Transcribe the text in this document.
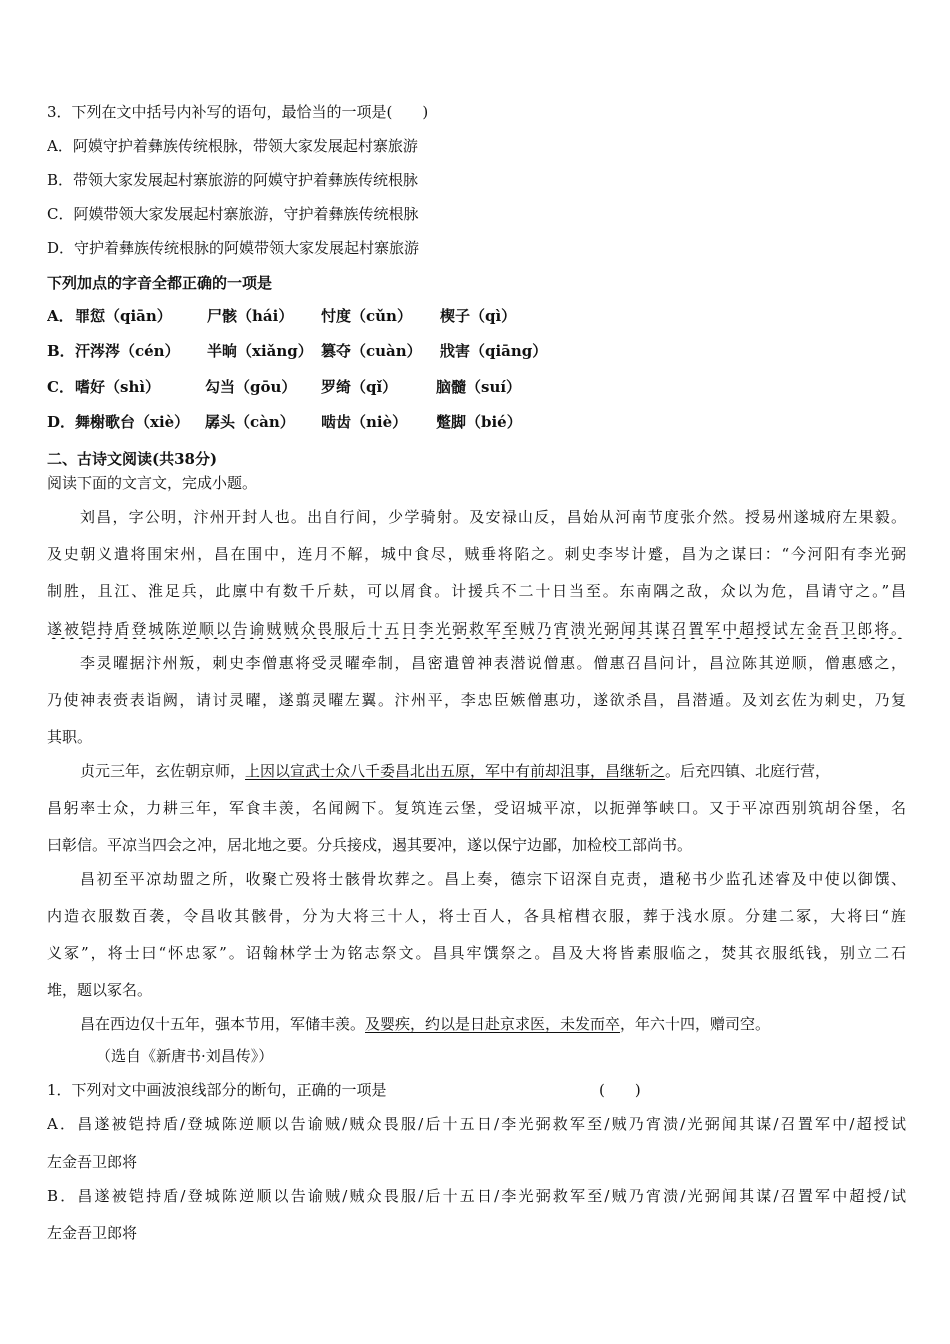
3．下列在文中括号内补写的语句，最恰当的一项是(　　)
A．阿嫫守护着彝族传统根脉，带领大家发展起村寨旅游
B．带领大家发展起村寨旅游的阿嫫守护着彝族传统根脉
C．阿嫫带领大家发展起村寨旅游，守护着彝族传统根脉
D．守护着彝族传统根脉的阿嫫带领大家发展起村寨旅游
下列加点的字音全都正确的一项是
A． 罪愆（qiān） 尸骸（hái） 忖度（cǔn） 楔子（qì）
B． 汗涔涔（cén） 半晌（xiǎng） 篡夺（cuàn） 戕害（qiāng）
C． 嗜好（shì）	勾当（gōu） 罗绮（qǐ）	脑髓（suí）
D． 舞榭歌台（xiè） 孱头（càn） 啮齿（niè） 蹩脚（bié）
二、古诗文阅读(共38分)
阅读下面的文言文，完成小题。
刘昌，字公明，汴州开封人也。出自行间，少学骑射。及安禄山反，昌始从河南节度张介然。授易州遂城府左果毅。
及史朝义遣将围宋州，昌在围中，连月不解，城中食尽，贼垂将陷之。刺史李岑计蹙，昌为之谋曰：“今河阳有李光弼
制胜，且江、淮足兵，此廪中有数千斤麸，可以屑食。计援兵不二十日当至。东南隅之敌，众以为危，昌请守之。”昌
遂被铠持盾登城陈逆顺以告谕贼贼众畏服后十五日李光弼救军至贼乃宵溃光弼闻其谋召置军中超授试左金吾卫郎将。
李灵曜据汴州叛，刺史李僧惠将受灵曜牵制，昌密遣曾神表潜说僧惠。僧惠召昌问计，昌泣陈其逆顺，僧惠感之，
乃使神表赍表诣阙，请讨灵曜，遂翦灵曜左翼。汴州平，李忠臣嫉僧惠功，遂欲杀昌，昌潜遁。及刘玄佐为刺史，乃复
其职。
贞元三年，玄佐朝京师，上因以宣武士众八千委昌北出五原，军中有前却沮事，昌继斩之。后充四镇、北庭行营，
昌躬率士众，力耕三年，军食丰羡，名闻阙下。复筑连云堡，受诏城平凉，以扼弹筝峡口。又于平凉西别筑胡谷堡，名
曰彰信。平凉当四会之冲，居北地之要。分兵接戍，遏其要冲，遂以保宁边鄙，加检校工部尚书。
昌初至平凉劫盟之所，收聚亡殁将士骸骨坎葬之。昌上奏，德宗下诏深自克责，遣秘书少监孔述睿及中使以御馔、
内造衣服数百袭，令昌收其骸骨，分为大将三十人，将士百人，各具棺槥衣服，葬于浅水原。分建二冢，大将曰“旌
义冢”，将士曰“怀忠冢”。诏翰林学士为铭志祭文。昌具牢馔祭之。昌及大将皆素服临之，焚其衣服纸钱，别立二石
堆，题以冢名。
昌在西边仅十五年，强本节用，军储丰羡。及婴疾，约以是日赴京求医，未发而卒，年六十四，赠司空。
（选自《新唐书·刘昌传》）
1．下列对文中画波浪线部分的断句，正确的一项是	(　　)
A．昌遂被铠持盾/登城陈逆顺以告谕贼/贼众畏服/后十五日/李光弼救军至/贼乃宵溃/光弼闻其谋/召置军中/超授试
左金吾卫郎将
B．昌遂被铠持盾/登城陈逆顺以告谕贼/贼众畏服/后十五日/李光弼救军至/贼乃宵溃/光弼闻其谋/召置军中超授/试
左金吾卫郎将
